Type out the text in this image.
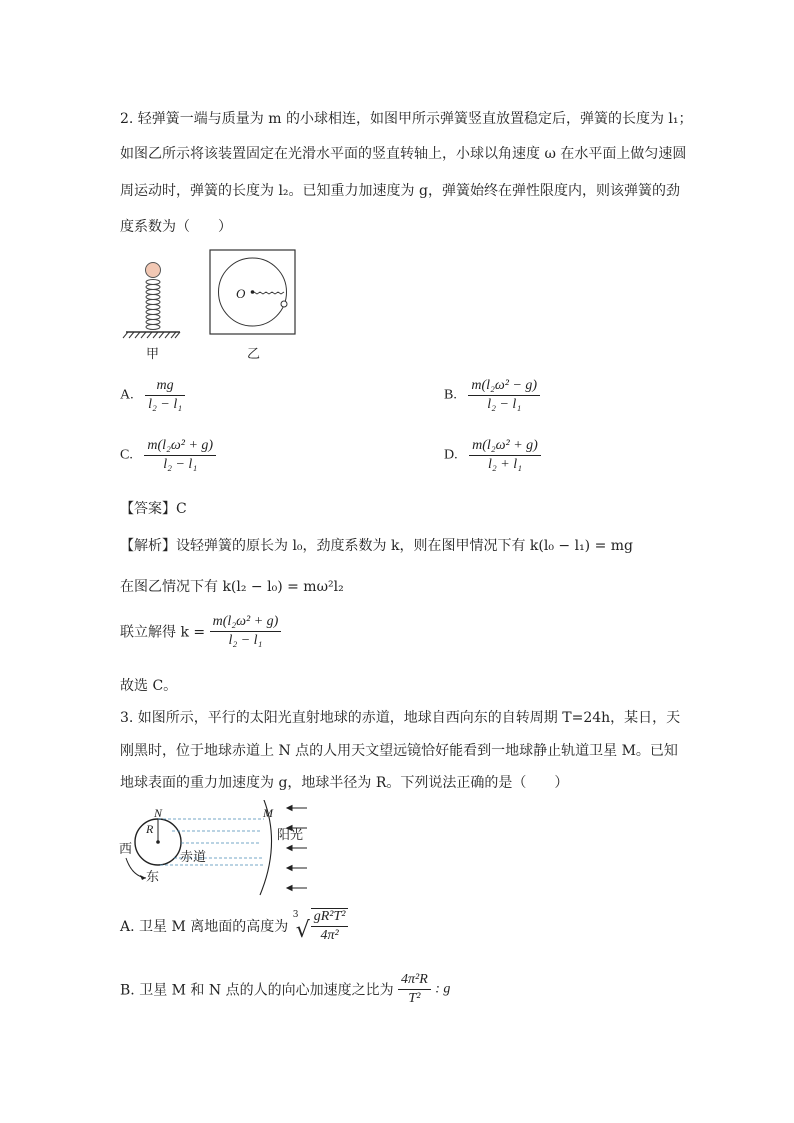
2. 轻弹簧一端与质量为 m 的小球相连，如图甲所示弹簧竖直放置稳定后，弹簧的长度为 l₁；
如图乙所示将该装置固定在光滑水平面的竖直转轴上，小球以角速度 ω 在水平面上做匀速圆
周运动时，弹簧的长度为 l₂。已知重力加速度为 g，弹簧始终在弹性限度内，则该弹簧的劲
度系数为（　　）
甲
O
乙
A. $\frac{mg}{\text{l₂ − l₁}}$	B. $\frac{\text{m(l₂ω² − g)}}{\text{l₂ − l₁}}$
C. $\frac{\text{m(l₂ω² + g)}}{\text{l₂ − l₁}}$	D. $\frac{\text{m(l₂ω² + g)}}{\text{l₂ + l₁}}$
【答案】C
【解析】设轻弹簧的原长为 l₀，劲度系数为 k，则在图甲情况下有 k(l₀ − l₁) = mg
在图乙情况下有 k(l₂ − l₀) = mω²l₂
联立解得 $k = \frac{\text{m(l₂ω² + g)}}{\text{l₂ − l₁}}$
故选 C。
3. 如图所示，平行的太阳光直射地球的赤道，地球自西向东的自转周期 T=24h，某日，天
刚黑时，位于地球赤道上 N 点的人用天文望远镜恰好能看到一地球静止轨道卫星 M。已知
地球表面的重力加速度为 g，地球半径为 R。下列说法正确的是（　　）
N
R
M
西
东
赤道
阳光
A. 卫星 M 离地面的高度为
3
√ $\frac{\text{gR²T²}}{\text{4π²}}$
B. 卫星 M 和 N 点的人的向心加速度之比为 $\frac{\text{4π²R}}{\text{T²}}$ : g
